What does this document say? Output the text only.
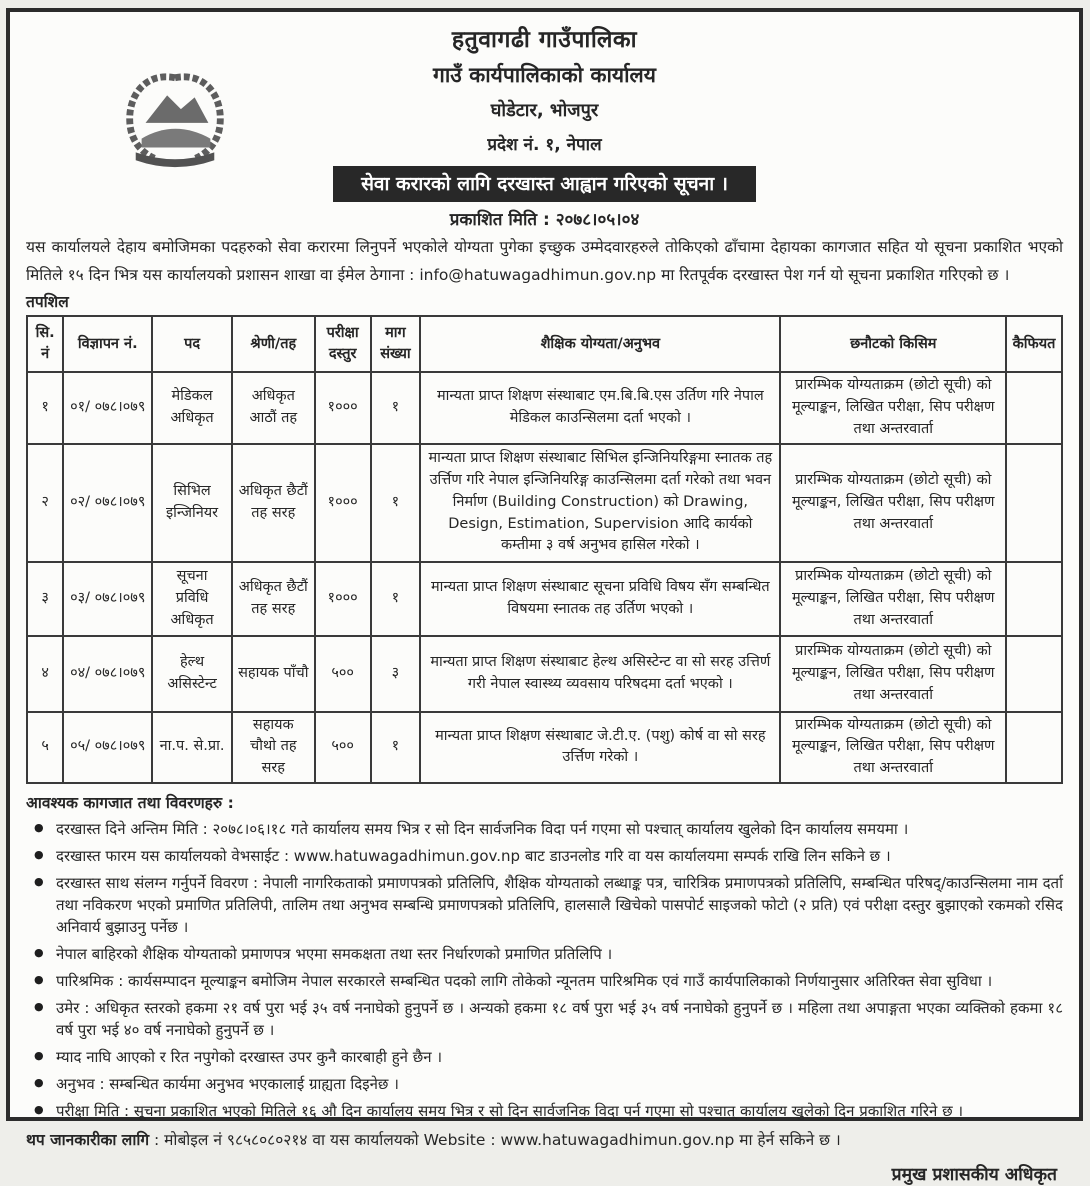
हतुवागढी गाउँपालिका
गाउँ कार्यपालिकाको कार्यालय
घोडेटार, भोजपुर
प्रदेश नं. १, नेपाल
सेवा करारको लागि दरखास्त आह्वान गरिएको सूचना ।
प्रकाशित मिति : २०७८।०५।०४
यस कार्यालयले देहाय बमोजिमका पदहरुको सेवा करारमा लिनुपर्ने भएकोले योग्यता पुगेका इच्छुक उम्मेदवारहरुले तोकिएको ढाँचामा देहायका कागजात सहित यो सूचना प्रकाशित भएको मितिले १५ दिन भित्र यस कार्यालयको प्रशासन शाखा वा ईमेल ठेगाना : info@hatuwagadhimun.gov.np मा रितपूर्वक दरखास्त पेश गर्न यो सूचना प्रकाशित गरिएको छ ।
तपशिल
सि. नं	विज्ञापन नं.	पद	श्रेणी/तह	परीक्षा दस्तुर	माग संख्या	शैक्षिक योग्यता/अनुभव	छनौटको किसिम	कैफियत
१	०१/ ०७८।०७९	मेडिकल अधिकृत	अधिकृत आठौं तह	१०००	१	मान्यता प्राप्त शिक्षण संस्थाबाट एम.बि.बि.एस उर्तिण गरि नेपाल मेडिकल काउन्सिलमा दर्ता भएको ।	प्रारम्भिक योग्यताक्रम (छोटो सूची) को मूल्याङ्कन, लिखित परीक्षा, सिप परीक्षण तथा अन्तरवार्ता	
२	०२/ ०७८।०७९	सिभिल इन्जिनियर	अधिकृत छैटौं तह सरह	१०००	१	मान्यता प्राप्त शिक्षण संस्थाबाट सिभिल इन्जिनियरिङ्गमा स्नातक तह उर्त्तिण गरि नेपाल इन्जिनियरिङ्ग काउन्सिलमा दर्ता गरेको तथा भवन निर्माण (Building Construction) को Drawing, Design, Estimation, Supervision आदि कार्यको कम्तीमा ३ वर्ष अनुभव हासिल गरेको ।	प्रारम्भिक योग्यताक्रम (छोटो सूची) को मूल्याङ्कन, लिखित परीक्षा, सिप परीक्षण तथा अन्तरवार्ता	
३	०३/ ०७८।०७९	सूचना प्रविधि अधिकृत	अधिकृत छैटौं तह सरह	१०००	१	मान्यता प्राप्त शिक्षण संस्थाबाट सूचना प्रविधि विषय सँग सम्बन्धित विषयमा स्नातक तह उर्तिण भएको ।	प्रारम्भिक योग्यताक्रम (छोटो सूची) को मूल्याङ्कन, लिखित परीक्षा, सिप परीक्षण तथा अन्तरवार्ता	
४	०४/ ०७८।०७९	हेल्थ असिस्टेन्ट	सहायक पाँचौ	५००	३	मान्यता प्राप्त शिक्षण संस्थाबाट हेल्थ असिस्टेन्ट वा सो सरह उत्तिर्ण गरी नेपाल स्वास्थ्य व्यवसाय परिषदमा दर्ता भएको ।	प्रारम्भिक योग्यताक्रम (छोटो सूची) को मूल्याङ्कन, लिखित परीक्षा, सिप परीक्षण तथा अन्तरवार्ता	
५	०५/ ०७८।०७९	ना.प. से.प्रा.	सहायक चौथो तह सरह	५००	१	मान्यता प्राप्त शिक्षण संस्थाबाट जे.टी.ए. (पशु) कोर्ष वा सो सरह उर्त्तिण गरेको ।	प्रारम्भिक योग्यताक्रम (छोटो सूची) को मूल्याङ्कन, लिखित परीक्षा, सिप परीक्षण तथा अन्तरवार्ता	
आवश्यक कागजात तथा विवरणहरु :
● दरखास्त दिने अन्तिम मिति : २०७८।०६।१८ गते कार्यालय समय भित्र र सो दिन सार्वजनिक विदा पर्न गएमा सो पश्चात् कार्यालय खुलेको दिन कार्यालय समयमा ।
● दरखास्त फारम यस कार्यालयको वेभसाईट : www.hatuwagadhimun.gov.np बाट डाउनलोड गरि वा यस कार्यालयमा सम्पर्क राखि लिन सकिने छ ।
● दरखास्त साथ संलग्न गर्नुपर्ने विवरण : नेपाली नागरिकताको प्रमाणपत्रको प्रतिलिपि, शैक्षिक योग्यताको लब्धाङ्क पत्र, चारित्रिक प्रमाणपत्रको प्रतिलिपि, सम्बन्धित परिषद्/काउन्सिलमा नाम दर्ता तथा नविकरण भएको प्रमाणित प्रतिलिपी, तालिम तथा अनुभव सम्बन्धि प्रमाणपत्रको प्रतिलिपि, हालसालै खिचेको पासपोर्ट साइजको फोटो (२ प्रति) एवं परीक्षा दस्तुर बुझाएको रकमको रसिद अनिवार्य बुझाउनु पर्नेछ ।
● नेपाल बाहिरको शैक्षिक योग्यताको प्रमाणपत्र भएमा समकक्षता तथा स्तर निर्धारणको प्रमाणित प्रतिलिपि ।
● पारिश्रमिक : कार्यसम्पादन मूल्याङ्कन बमोजिम नेपाल सरकारले सम्बन्धित पदको लागि तोकेको न्यूनतम पारिश्रमिक एवं गाउँ कार्यपालिकाको निर्णयानुसार अतिरिक्त सेवा सुविधा ।
● उमेर : अधिकृत स्तरको हकमा २१ वर्ष पुरा भई ३५ वर्ष ननाघेको हुनुपर्ने छ । अन्यको हकमा १८ वर्ष पुरा भई ३५ वर्ष ननाघेको हुनुपर्ने छ । महिला तथा अपाङ्गता भएका व्यक्तिको हकमा १८ वर्ष पुरा भई ४० वर्ष ननाघेको हुनुपर्ने छ ।
● म्याद नाघि आएको र रित नपुगेको दरखास्त उपर कुनै कारबाही हुने छैन ।
● अनुभव : सम्बन्धित कार्यमा अनुभव भएकालाई ग्राह्यता दिइनेछ ।
● परीक्षा मिति : सूचना प्रकाशित भएको मितिले १६ औ दिन कार्यालय समय भित्र र सो दिन सार्वजनिक विदा पर्न गएमा सो पश्चात् कार्यालय खुलेको दिन प्रकाशित गरिने छ ।
थप जानकारीका लागि : मोबोइल नं ९८५८०८०२१४ वा यस कार्यालयको Website : www.hatuwagadhimun.gov.np मा हेर्न सकिने छ ।
प्रमुख प्रशासकीय अधिकृत
